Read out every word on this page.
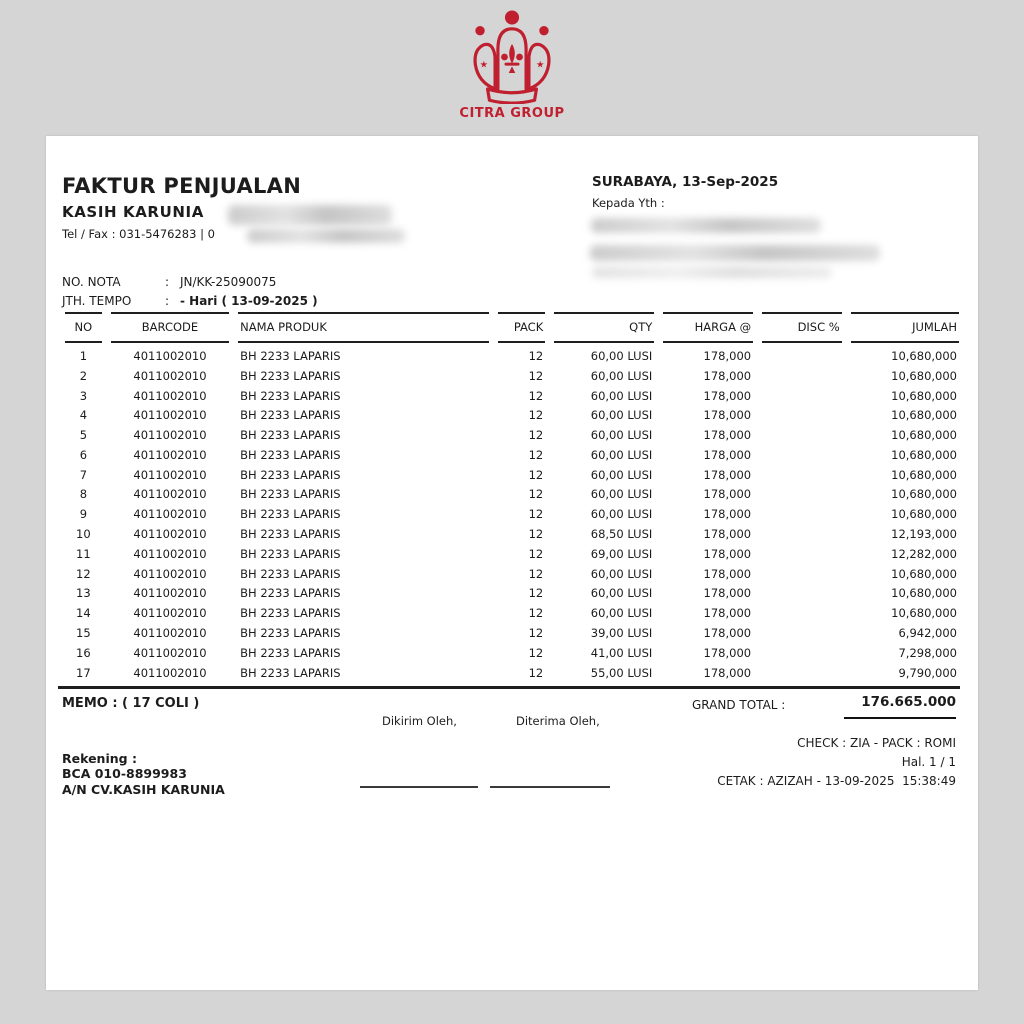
★	★
CITRA GROUP
FAKTUR PENJUALAN
KASIH KARUNIA
Tel / Fax : 031-5476283 | 0
SURABAYA, 13-Sep-2025
Kepada Yth :
NO. NOTA	: JN/KK-25090075
JTH. TEMPO	: - Hari ( 13-09-2025 )
NO	BARCODE	NAMA PRODUK	PACK	QTY	HARGA @	DISC %	JUMLAH
1	4011002010	BH 2233 LAPARIS	12	60,00 LUSI	178,000		10,680,000
2	4011002010	BH 2233 LAPARIS	12	60,00 LUSI	178,000		10,680,000
3	4011002010	BH 2233 LAPARIS	12	60,00 LUSI	178,000		10,680,000
4	4011002010	BH 2233 LAPARIS	12	60,00 LUSI	178,000		10,680,000
5	4011002010	BH 2233 LAPARIS	12	60,00 LUSI	178,000		10,680,000
6	4011002010	BH 2233 LAPARIS	12	60,00 LUSI	178,000		10,680,000
7	4011002010	BH 2233 LAPARIS	12	60,00 LUSI	178,000		10,680,000
8	4011002010	BH 2233 LAPARIS	12	60,00 LUSI	178,000		10,680,000
9	4011002010	BH 2233 LAPARIS	12	60,00 LUSI	178,000		10,680,000
10	4011002010	BH 2233 LAPARIS	12	68,50 LUSI	178,000		12,193,000
11	4011002010	BH 2233 LAPARIS	12	69,00 LUSI	178,000		12,282,000
12	4011002010	BH 2233 LAPARIS	12	60,00 LUSI	178,000		10,680,000
13	4011002010	BH 2233 LAPARIS	12	60,00 LUSI	178,000		10,680,000
14	4011002010	BH 2233 LAPARIS	12	60,00 LUSI	178,000		10,680,000
15	4011002010	BH 2233 LAPARIS	12	39,00 LUSI	178,000		6,942,000
16	4011002010	BH 2233 LAPARIS	12	41,00 LUSI	178,000		7,298,000
17	4011002010	BH 2233 LAPARIS	12	55,00 LUSI	178,000		9,790,000
MEMO : ( 17 COLI )	GRAND TOTAL :	176.665.000
Dikirim Oleh,	Diterima Oleh,
CHECK : ZIA - PACK : ROMI
Hal. 1 / 1
CETAK : AZIZAH - 13-09-2025  15:38:49
Rekening :
BCA 010-8899983
A/N CV.KASIH KARUNIA
